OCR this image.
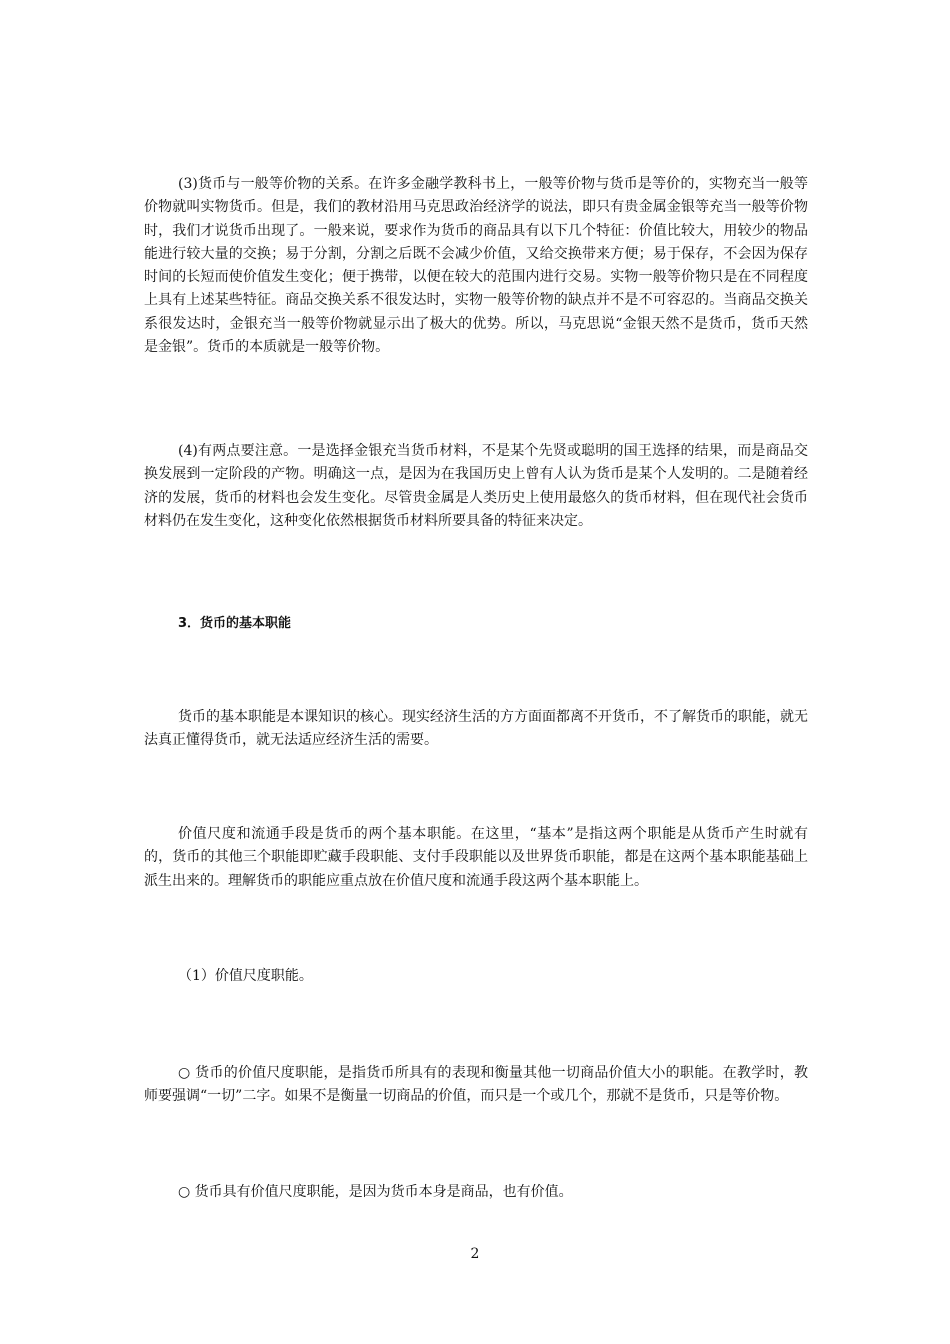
(3)货币与一般等价物的关系。在许多金融学教科书上，一般等价物与货币是等价的，实物充当一般等价物就叫实物货币。但是，我们的教材沿用马克思政治经济学的说法，即只有贵金属金银等充当一般等价物时，我们才说货币出现了。一般来说，要求作为货币的商品具有以下几个特征：价值比较大，用较少的物品能进行较大量的交换；易于分割，分割之后既不会减少价值，又给交换带来方便；易于保存，不会因为保存时间的长短而使价值发生变化；便于携带，以便在较大的范围内进行交易。实物一般等价物只是在不同程度上具有上述某些特征。商品交换关系不很发达时，实物一般等价物的缺点并不是不可容忍的。当商品交换关系很发达时，金银充当一般等价物就显示出了极大的优势。所以，马克思说“金银天然不是货币，货币天然是金银”。货币的本质就是一般等价物。

(4)有两点要注意。一是选择金银充当货币材料，不是某个先贤或聪明的国王选择的结果，而是商品交换发展到一定阶段的产物。明确这一点，是因为在我国历史上曾有人认为货币是某个人发明的。二是随着经济的发展，货币的材料也会发生变化。尽管贵金属是人类历史上使用最悠久的货币材料，但在现代社会货币材料仍在发生变化，这种变化依然根据货币材料所要具备的特征来决定。

3．货币的基本职能

货币的基本职能是本课知识的核心。现实经济生活的方方面面都离不开货币，不了解货币的职能，就无法真正懂得货币，就无法适应经济生活的需要。

价值尺度和流通手段是货币的两个基本职能。在这里，“基本”是指这两个职能是从货币产生时就有的，货币的其他三个职能即贮藏手段职能、支付手段职能以及世界货币职能，都是在这两个基本职能基础上派生出来的。理解货币的职能应重点放在价值尺度和流通手段这两个基本职能上。

（1）价值尺度职能。

○ 货币的价值尺度职能，是指货币所具有的表现和衡量其他一切商品价值大小的职能。在教学时，教师要强调“一切”二字。如果不是衡量一切商品的价值，而只是一个或几个，那就不是货币，只是等价物。

○ 货币具有价值尺度职能，是因为货币本身是商品，也有价值。

2
